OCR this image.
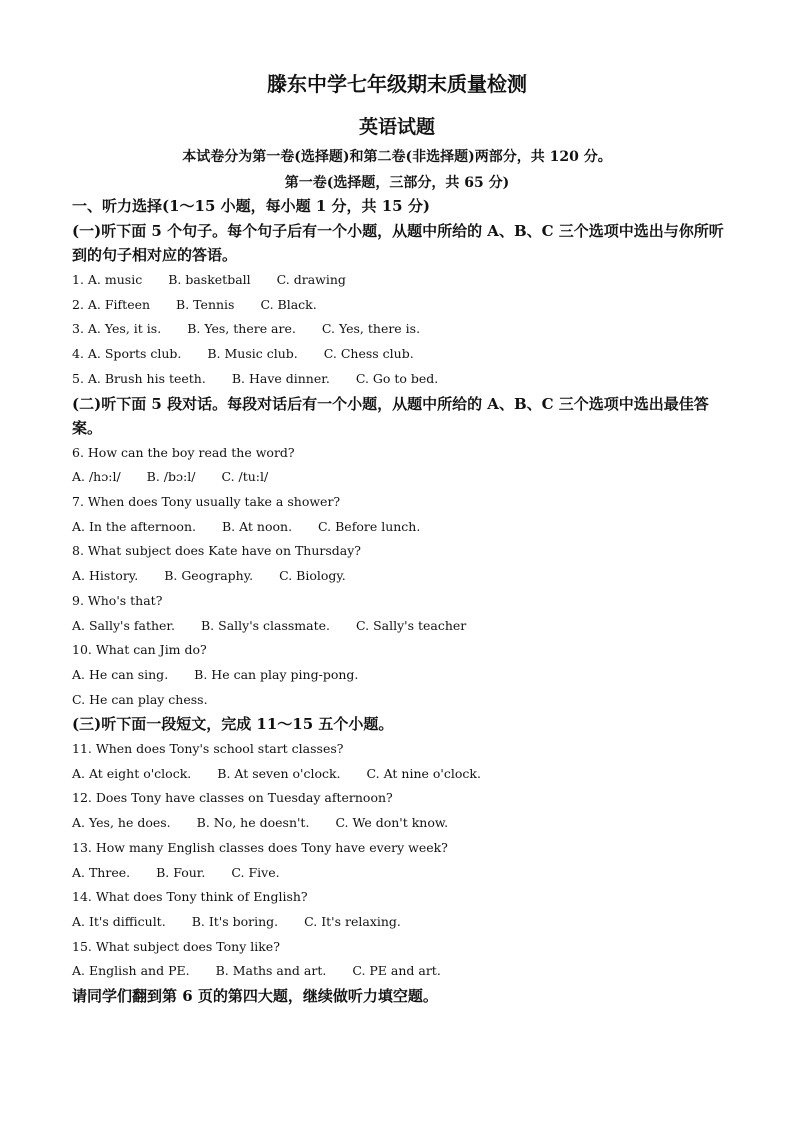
滕东中学七年级期末质量检测
英语试题
本试卷分为第一卷(选择题)和第二卷(非选择题)两部分，共 120 分。
第一卷(选择题，三部分，共 65 分)
一、听力选择(1～15 小题，每小题 1 分，共 15 分)
(一)听下面 5 个句子。每个句子后有一个小题，从题中所给的 A、B、C 三个选项中选出与你所听到的句子相对应的答语。
1. A. music B. basketball C. drawing
2. A. Fifteen B. Tennis C. Black.
3. A. Yes, it is. B. Yes, there are. C. Yes, there is.
4. A. Sports club. B. Music club. C. Chess club.
5. A. Brush his teeth. B. Have dinner. C. Go to bed.
(二)听下面 5 段对话。每段对话后有一个小题，从题中所给的 A、B、C 三个选项中选出最佳答案。
6. How can the boy read the word?
A. /hɔ:l/ B. /bɔ:l/ C. /tu:l/
7. When does Tony usually take a shower?
A. In the afternoon. B. At noon. C. Before lunch.
8. What subject does Kate have on Thursday?
A. History. B. Geography. C. Biology.
9. Who's that?
A. Sally's father. B. Sally's classmate. C. Sally's teacher
10. What can Jim do?
A. He can sing. B. He can play ping-pong.
C. He can play chess.
(三)听下面一段短文，完成 11～15 五个小题。
11. When does Tony's school start classes?
A. At eight o'clock. B. At seven o'clock. C. At nine o'clock.
12. Does Tony have classes on Tuesday afternoon?
A. Yes, he does. B. No, he doesn't. C. We don't know.
13. How many English classes does Tony have every week?
A. Three. B. Four. C. Five.
14. What does Tony think of English?
A. It's difficult. B. It's boring. C. It's relaxing.
15. What subject does Tony like?
A. English and PE. B. Maths and art. C. PE and art.
请同学们翻到第 6 页的第四大题，继续做听力填空题。
